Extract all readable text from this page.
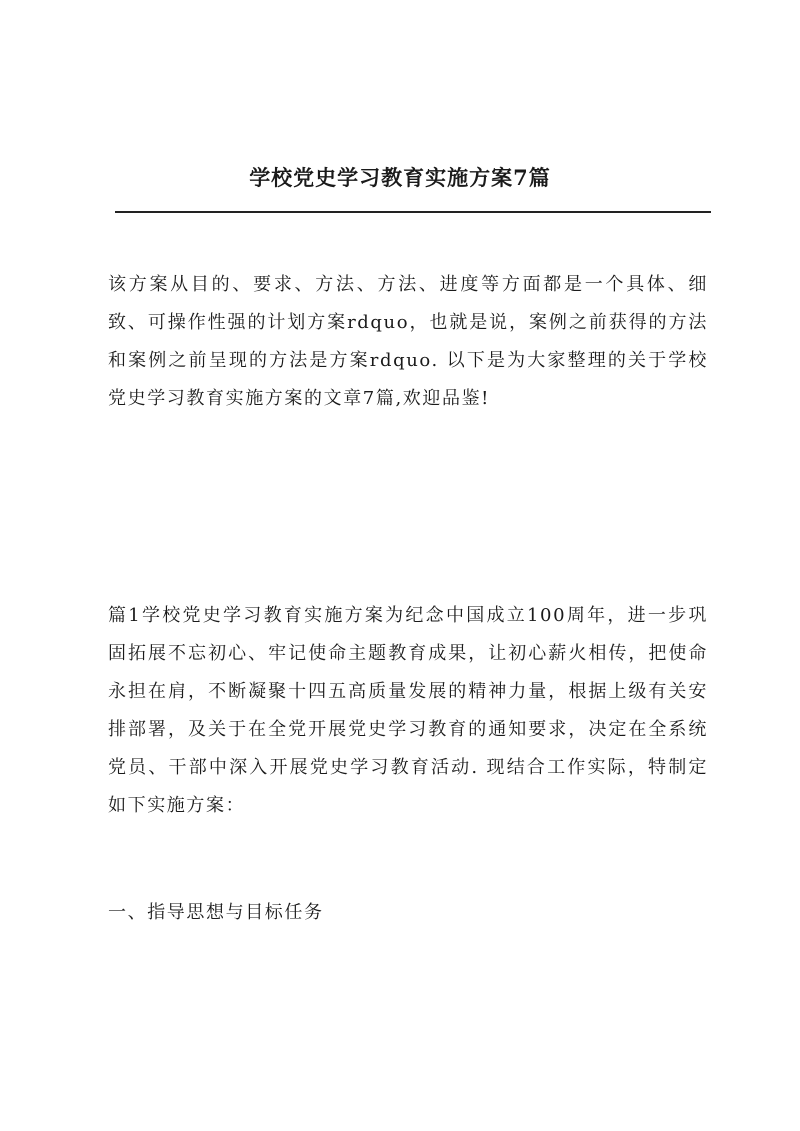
学校党史学习教育实施方案7篇

该方案从目的、要求、方法、方法、进度等方面都是一个具体、细致、可操作性强的计划方案rdquo，也就是说，案例之前获得的方法和案例之前呈现的方法是方案rdquo. 以下是为大家整理的关于学校党史学习教育实施方案的文章7篇,欢迎品鉴!

篇1学校党史学习教育实施方案为纪念中国成立100周年，进一步巩固拓展不忘初心、牢记使命主题教育成果，让初心薪火相传，把使命永担在肩，不断凝聚十四五高质量发展的精神力量，根据上级有关安排部署，及关于在全党开展党史学习教育的通知要求，决定在全系统党员、干部中深入开展党史学习教育活动. 现结合工作实际，特制定如下实施方案：

一、指导思想与目标任务
